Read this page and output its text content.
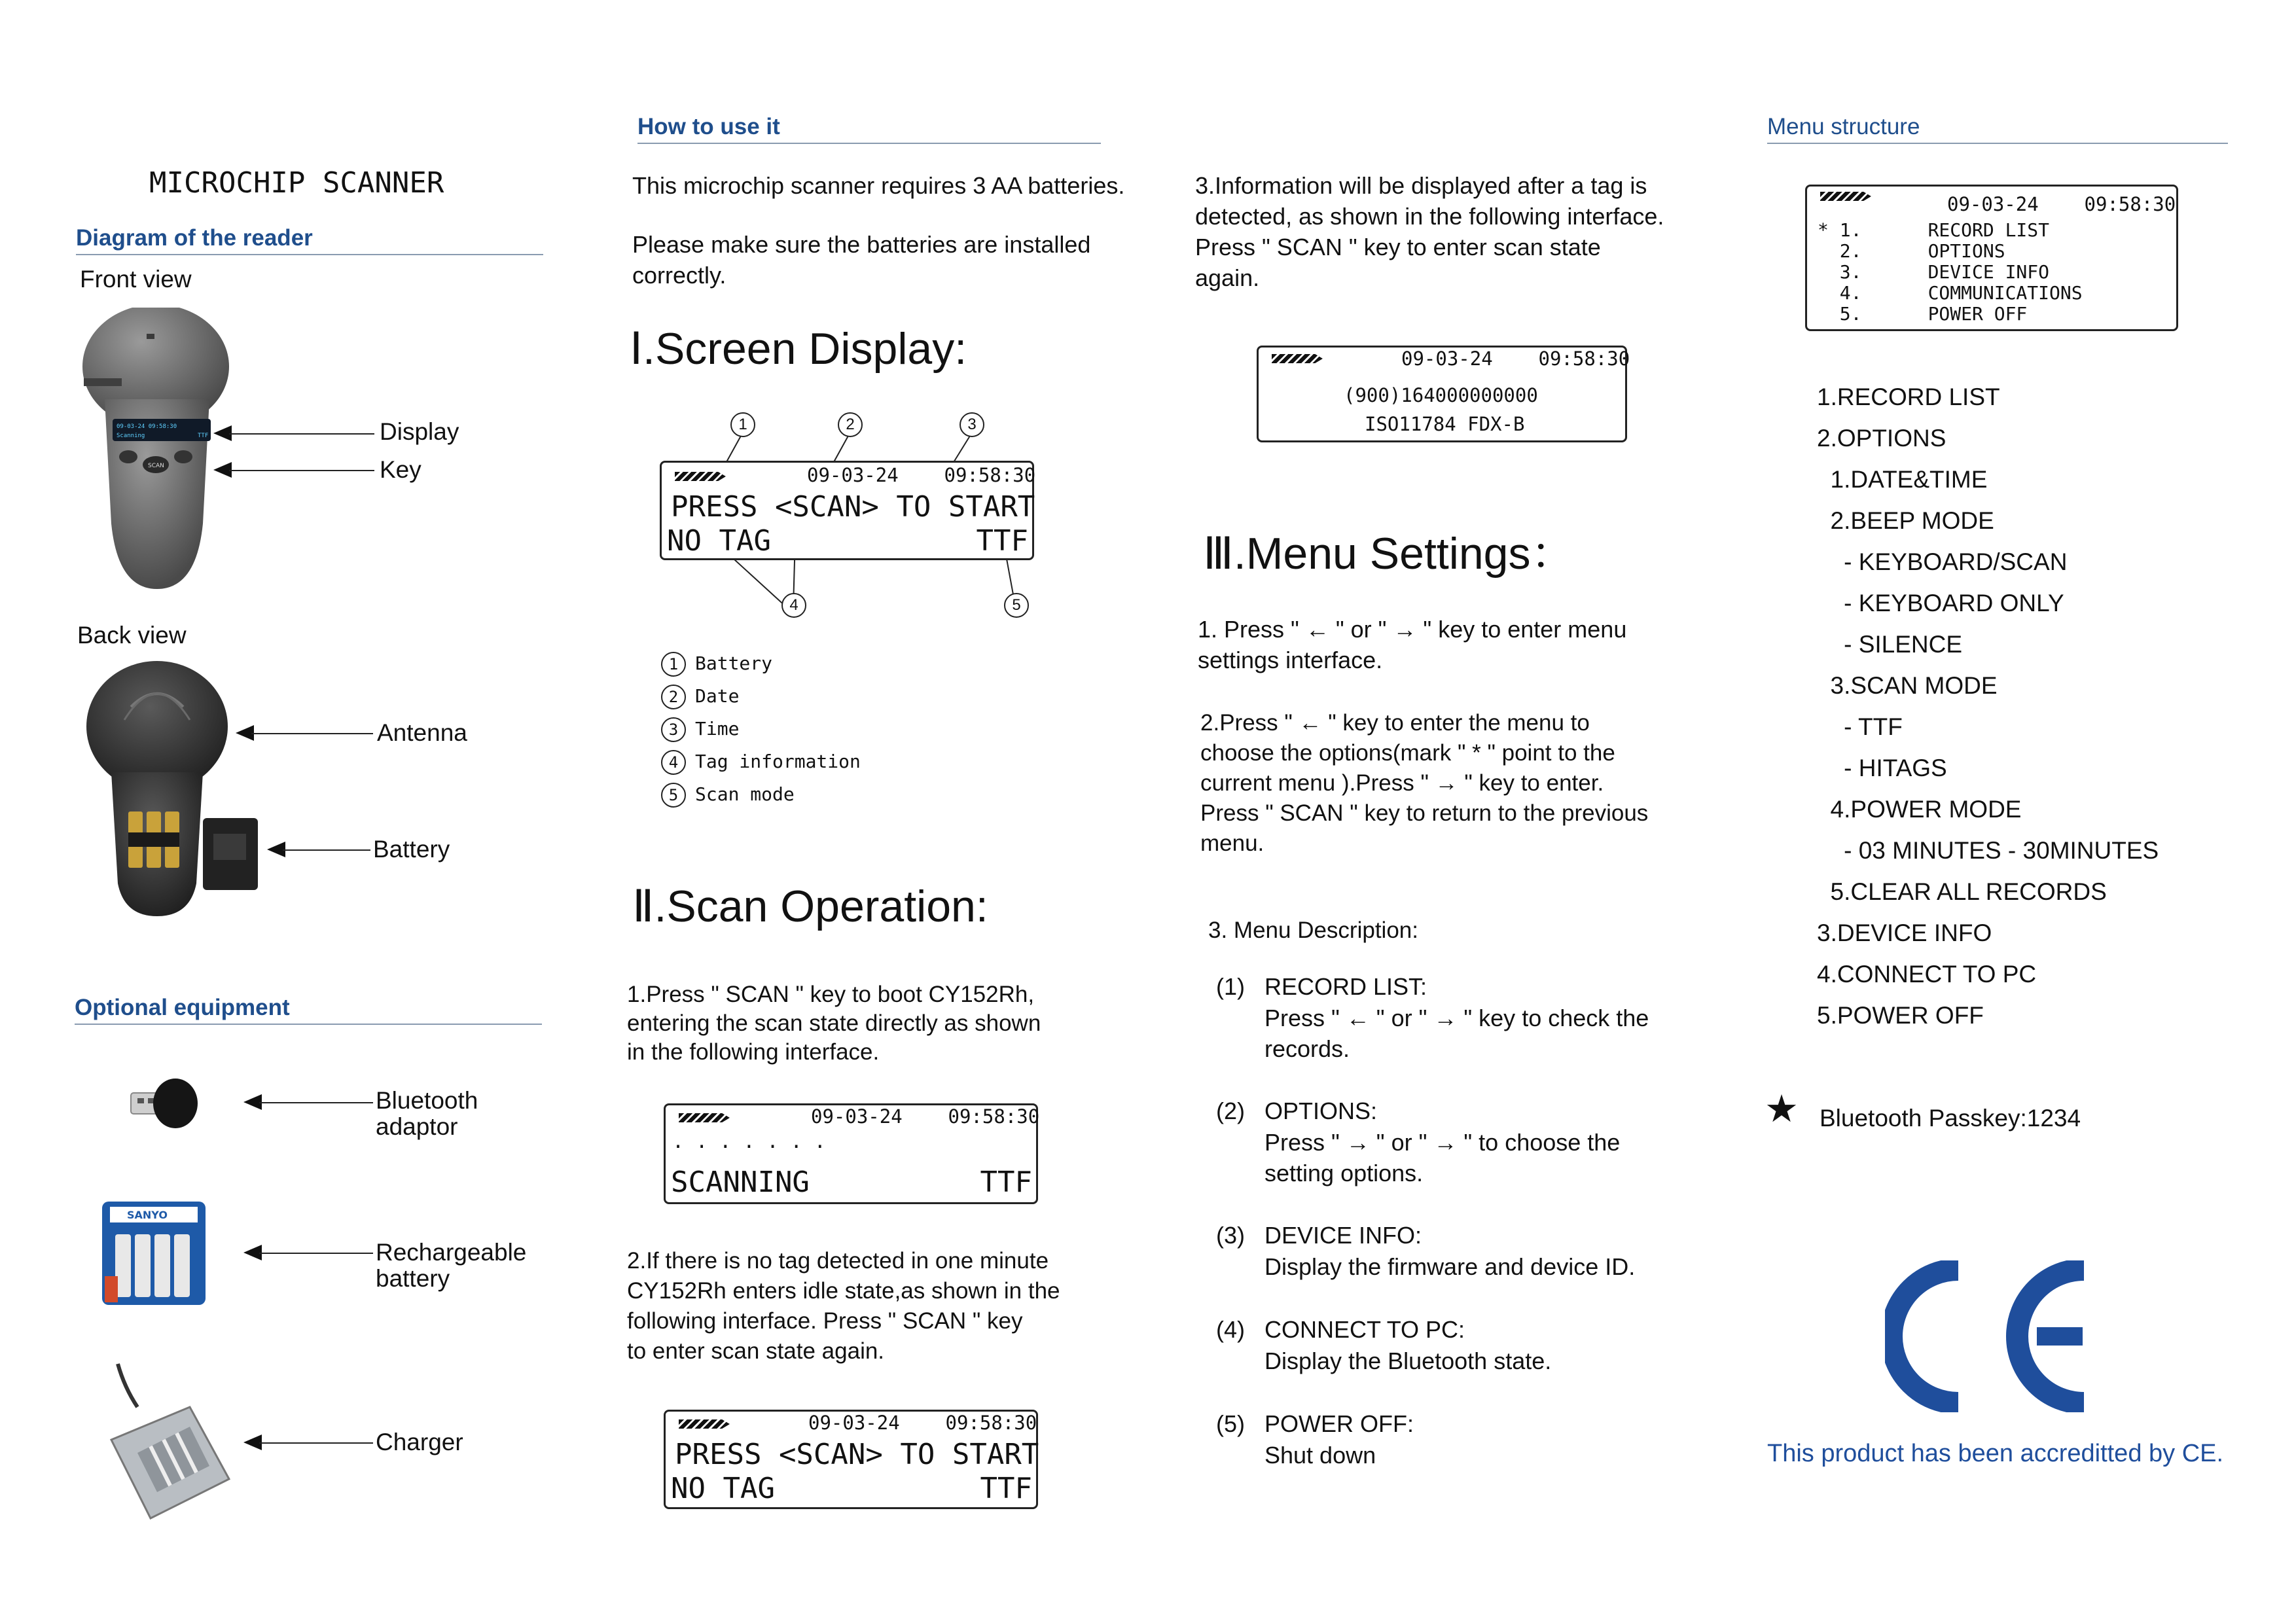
MICROCHIP SCANNER
Diagram of the reader
Front view
09-03-24 09:58:30
Scanning	TTF
SCAN
Display
Key
Back view
Antenna
Battery
Optional equipment
Bluetooth
adaptor
SANYO
Rechargeable
battery
Charger
How to use it
This microchip scanner requires 3 AA batteries.
Please make sure the batteries are installed
correctly.
Ⅰ.Screen Display:
1	2	3
09-03-24    09:58:30
PRESS <SCAN> TO START
NO TAG	TTF
4	5
1 Battery
2 Date
3 Time
4 Tag information
5 Scan mode
Ⅱ.Scan Operation:
1.Press " SCAN " key to boot CY152Rh,
entering the scan state directly as shown
in the following interface.
09-03-24    09:58:30
. . . . . . .
SCANNING	TTF
2.If there is no tag detected in one minute
CY152Rh enters idle state,as shown in the
following interface. Press " SCAN " key
to enter scan state again.
09-03-24    09:58:30
PRESS <SCAN> TO START
NO TAG	TTF
3.Information will be displayed after a tag is
detected, as shown in the following interface.
Press " SCAN " key to enter scan state
again.
09-03-24    09:58:30
(900)164000000000
ISO11784 FDX-B
Ⅲ.Menu Settings：
1. Press " ← " or " → " key to enter menu
settings interface.
2.Press " ← " key to enter the menu to
choose the options(mark " * " point to the
current menu ).Press " → " key to enter.
Press " SCAN " key to return to the previous
menu.
3. Menu Description:
(1) RECORD LIST:
Press " ← " or " → " key to check the
records.
(2) OPTIONS:
Press " → " or " → " to choose the
setting options.
(3) DEVICE INFO:
Display the firmware and device ID.
(4) CONNECT TO PC:
Display the Bluetooth state.
(5) POWER OFF:
Shut down
Menu structure
09-03-24    09:58:30
* 1.      RECORD LIST
2.      OPTIONS
3.      DEVICE INFO
4.      COMMUNICATIONS
5.      POWER OFF
1.RECORD LIST
2.OPTIONS
1.DATE&TIME
2.BEEP MODE
- KEYBOARD/SCAN
- KEYBOARD ONLY
- SILENCE
3.SCAN MODE
- TTF
- HITAGS
4.POWER MODE
- 03 MINUTES - 30MINUTES
5.CLEAR ALL RECORDS
3.DEVICE INFO
4.CONNECT TO PC
5.POWER OFF
★ Bluetooth Passkey:1234
This product has been accreditted by CE.
